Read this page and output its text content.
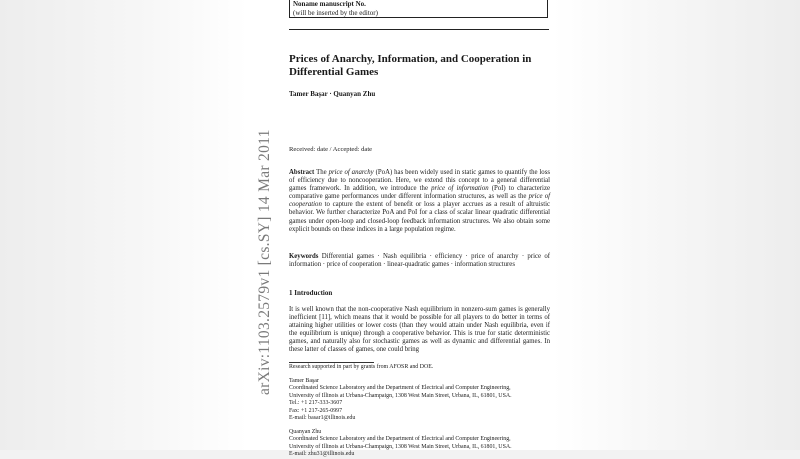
arXiv:1103.2579v1 [cs.SY] 14 Mar 2011
Noname manuscript No.
(will be inserted by the editor)
Prices of Anarchy, Information, and Cooperation in Differential Games
Tamer Başar · Quanyan Zhu
Received: date / Accepted: date

Abstract The price of anarchy (PoA) has been widely used in static games to quantify the loss of efficiency due to noncooperation. Here, we extend this concept to a general differential games framework. In addition, we introduce the price of information (PoI) to characterize comparative game performances under different information structures, as well as the price of cooperation to capture the extent of benefit or loss a player accrues as a result of altruistic behavior. We further characterize PoA and PoI for a class of scalar linear quadratic differential games under open-loop and closed-loop feedback information structures. We also obtain some explicit bounds on these indices in a large population regime.

Keywords Differential games · Nash equilibria · efficiency · price of anarchy · price of information · price of cooperation · linear-quadratic games · information structures

1 Introduction

It is well known that the non-cooperative Nash equilibrium in nonzero-sum games is generally inefficient [11], which means that it would be possible for all players to do better in terms of attaining higher utilities or lower costs (than they would attain under Nash equilibria, even if the equilibrium is unique) through a cooperative behavior. This is true for static deterministic games, and naturally also for stochastic games as well as dynamic and differential games. In these latter of classes of games, one could bring

Research supported in part by grants from AFOSR and DOE.
Tamer Başar
Coordinated Science Laboratory and the Department of Electrical and Computer Engineering,
University of Illinois at Urbana-Champaign, 1308 West Main Street, Urbana, IL, 61801, USA.
Tel.: +1 217-333-3607
Fax: +1 217-265-0997
E-mail: basar1@illinois.edu
Quanyan Zhu
Coordinated Science Laboratory and the Department of Electrical and Computer Engineering,
University of Illinois at Urbana-Champaign, 1308 West Main Street, Urbana, IL, 61801, USA.
E-mail: zhu31@illinois.edu
